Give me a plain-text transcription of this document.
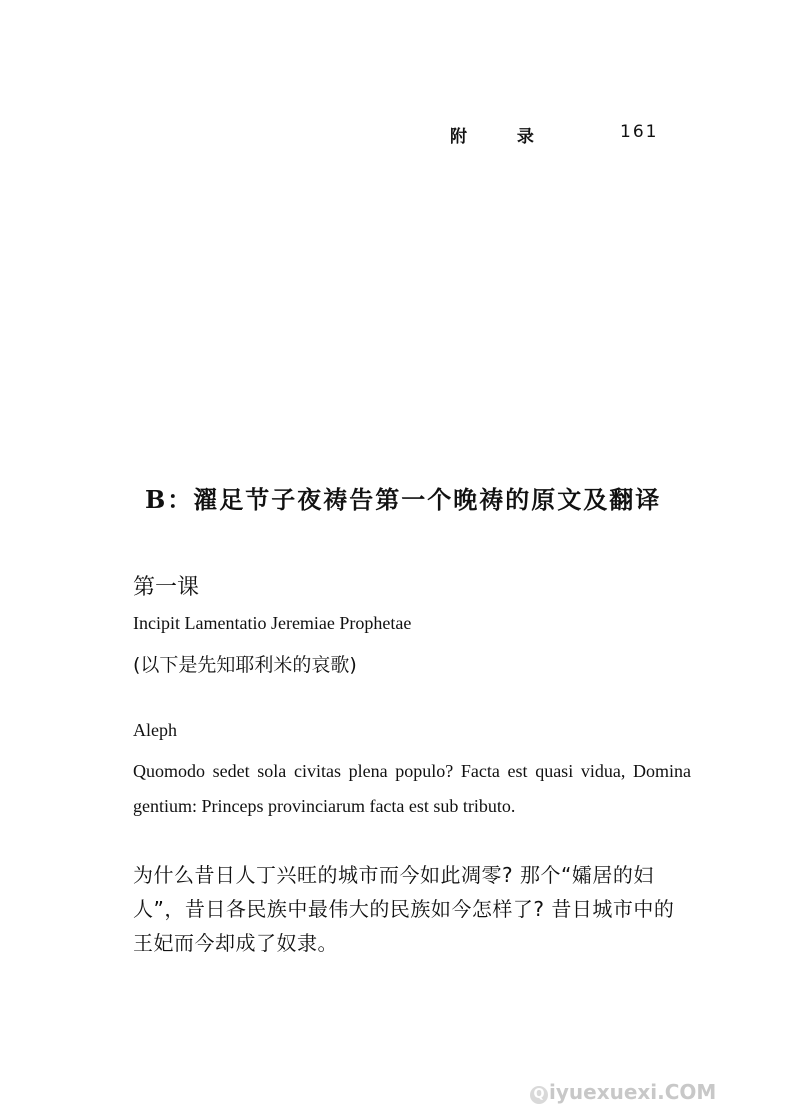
附 录	161
B：濯足节子夜祷告第一个晚祷的原文及翻译
第一课
Incipit Lamentatio Jeremiae Prophetae
(以下是先知耶利米的哀歌)
Aleph
Quomodo sedet sola civitas plena populo? Facta est quasi vidua, Domina gentium: Princeps provinciarum facta est sub tributo.
为什么昔日人丁兴旺的城市而今如此凋零? 那个“孀居的妇人”，昔日各民族中最伟大的民族如今怎样了? 昔日城市中的王妃而今却成了奴隶。
Q iyuexuexi.COM
